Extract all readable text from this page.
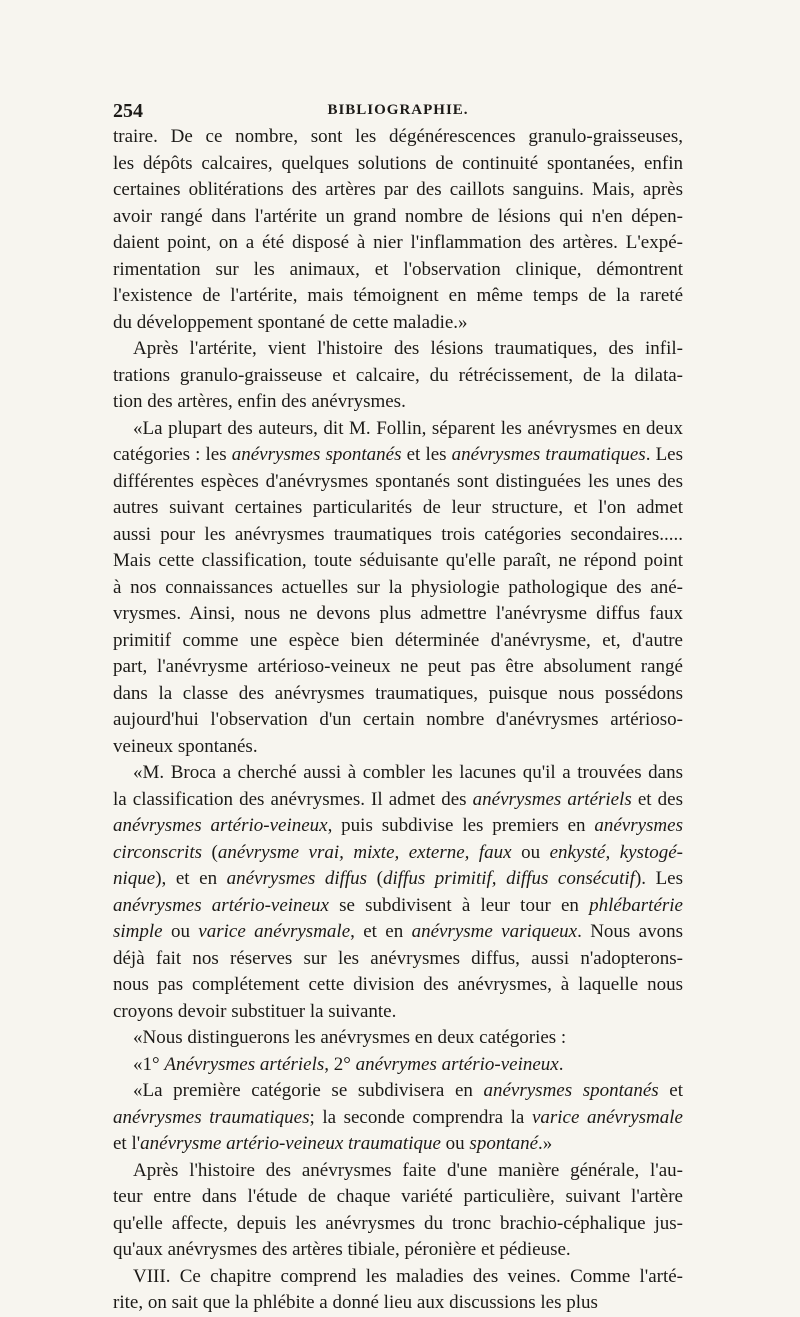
254	BIBLIOGRAPHIE.
traire. De ce nombre, sont les dégénérescences granulo-graisseuses,
les dépôts calcaires, quelques solutions de continuité spontanées, enfin
certaines oblitérations des artères par des caillots sanguins. Mais, après
avoir rangé dans l'artérite un grand nombre de lésions qui n'en dépen-
daient point, on a été disposé à nier l'inflammation des artères. L'expé-
rimentation sur les animaux, et l'observation clinique, démontrent
l'existence de l'artérite, mais témoignent en même temps de la rareté
du développement spontané de cette maladie.»
Après l'artérite, vient l'histoire des lésions traumatiques, des infil-
trations granulo-graisseuse et calcaire, du rétrécissement, de la dilata-
tion des artères, enfin des anévrysmes.
«La plupart des auteurs, dit M. Follin, séparent les anévrysmes en deux
catégories : les anévrysmes spontanés et les anévrysmes traumatiques. Les
différentes espèces d'anévrysmes spontanés sont distinguées les unes des
autres suivant certaines particularités de leur structure, et l'on admet
aussi pour les anévrysmes traumatiques trois catégories secondaires.....
Mais cette classification, toute séduisante qu'elle paraît, ne répond point
à nos connaissances actuelles sur la physiologie pathologique des ané-
vrysmes. Ainsi, nous ne devons plus admettre l'anévrysme diffus faux
primitif comme une espèce bien déterminée d'anévrysme, et, d'autre
part, l'anévrysme artérioso-veineux ne peut pas être absolument rangé
dans la classe des anévrysmes traumatiques, puisque nous possédons
aujourd'hui l'observation d'un certain nombre d'anévrysmes artérioso-
veineux spontanés.
«M. Broca a cherché aussi à combler les lacunes qu'il a trouvées dans
la classification des anévrysmes. Il admet des anévrysmes artériels et des
anévrysmes artério-veineux, puis subdivise les premiers en anévrysmes
circonscrits (anévrysme vrai, mixte, externe, faux ou enkysté, kystogé-
nique), et en anévrysmes diffus (diffus primitif, diffus consécutif). Les
anévrysmes artério-veineux se subdivisent à leur tour en phlébartérie
simple ou varice anévrysmale, et en anévrysme variqueux. Nous avons
déjà fait nos réserves sur les anévrysmes diffus, aussi n'adopterons-
nous pas complétement cette division des anévrysmes, à laquelle nous
croyons devoir substituer la suivante.
«Nous distinguerons les anévrysmes en deux catégories :
«1° Anévrysmes artériels, 2° anévrymes artério-veineux.
«La première catégorie se subdivisera en anévrysmes spontanés et
anévrysmes traumatiques; la seconde comprendra la varice anévrysmale
et l'anévrysme artério-veineux traumatique ou spontané.»
Après l'histoire des anévrysmes faite d'une manière générale, l'au-
teur entre dans l'étude de chaque variété particulière, suivant l'artère
qu'elle affecte, depuis les anévrysmes du tronc brachio-céphalique jus-
qu'aux anévrysmes des artères tibiale, péronière et pédieuse.
VIII. Ce chapitre comprend les maladies des veines. Comme l'arté-
rite, on sait que la phlébite a donné lieu aux discussions les plus
